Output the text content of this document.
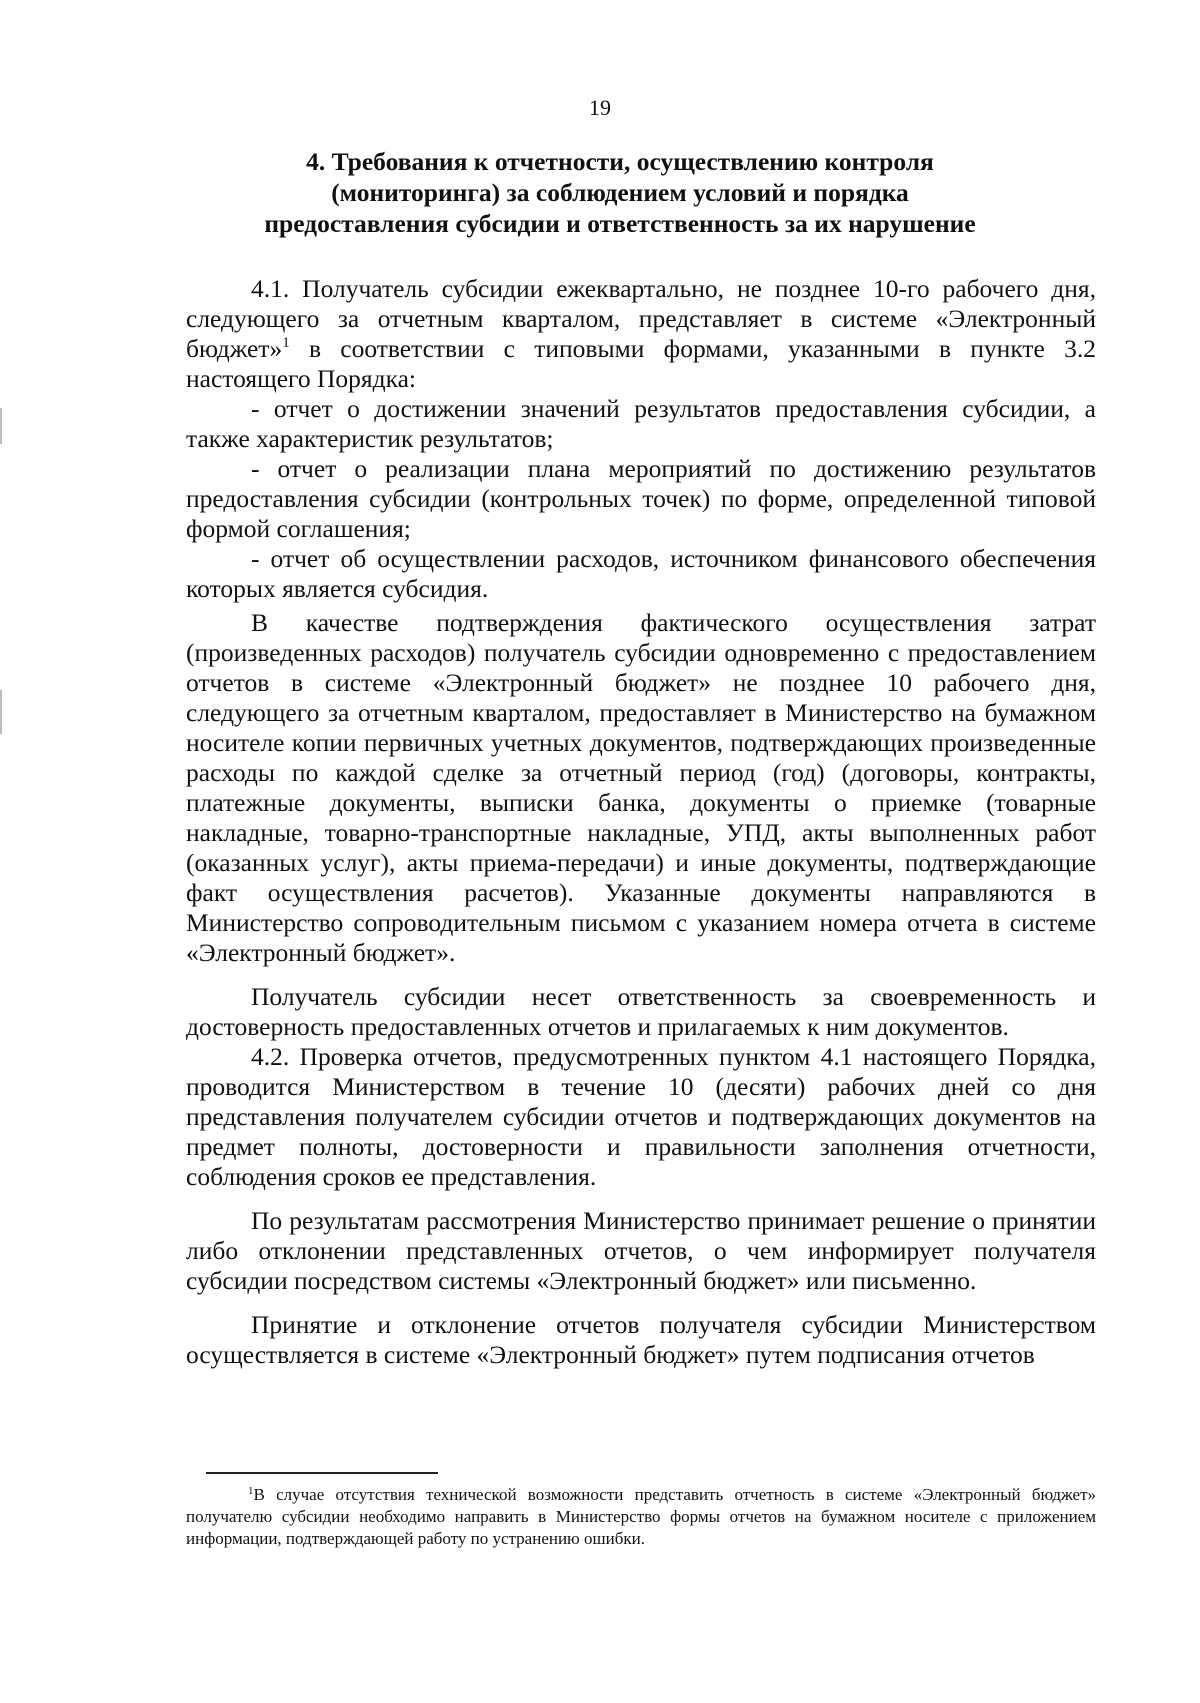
19
4. Требования к отчетности, осуществлению контроля
(мониторинга) за соблюдением условий и порядка
предоставления субсидии и ответственность за их нарушение

4.1. Получатель субсидии ежеквартально, не позднее 10-го рабочего дня, следующего за отчетным кварталом, представляет в системе «Электронный бюджет»$^1$ в соответствии с типовыми формами, указанными в пункте 3.2 настоящего Порядка:

- отчет о достижении значений результатов предоставления субсидии, а также характеристик результатов;

- отчет о реализации плана мероприятий по достижению результатов предоставления субсидии (контрольных точек) по форме, определенной типовой формой соглашения;

- отчет об осуществлении расходов, источником финансового обеспечения которых является субсидия.

В качестве подтверждения фактического осуществления затрат (произведенных расходов) получатель субсидии одновременно с предоставлением отчетов в системе «Электронный бюджет» не позднее 10 рабочего дня, следующего за отчетным кварталом, предоставляет в Министерство на бумажном носителе копии первичных учетных документов, подтверждающих произведенные расходы по каждой сделке за отчетный период (год) (договоры, контракты, платежные документы, выписки банка, документы о приемке (товарные накладные, товарно-транспортные накладные, УПД, акты выполненных работ (оказанных услуг), акты приема-передачи) и иные документы, подтверждающие факт осуществления расчетов). Указанные документы направляются в Министерство сопроводительным письмом с указанием номера отчета в системе «Электронный бюджет».

Получатель субсидии несет ответственность за своевременность и достоверность предоставленных отчетов и прилагаемых к ним документов.

4.2. Проверка отчетов, предусмотренных пунктом 4.1 настоящего Порядка, проводится Министерством в течение 10 (десяти) рабочих дней со дня представления получателем субсидии отчетов и подтверждающих документов на предмет полноты, достоверности и правильности заполнения отчетности, соблюдения сроков ее представления.

По результатам рассмотрения Министерство принимает решение о принятии либо отклонении представленных отчетов, о чем информирует получателя субсидии посредством системы «Электронный бюджет» или письменно.

Принятие и отклонение отчетов получателя субсидии Министерством осуществляется в системе «Электронный бюджет» путем подписания отчетов

$^1$В случае отсутствия технической возможности представить отчетность в системе «Электронный бюджет» получателю субсидии необходимо направить в Министерство формы отчетов на бумажном носителе с приложением информации, подтверждающей работу по устранению ошибки.
